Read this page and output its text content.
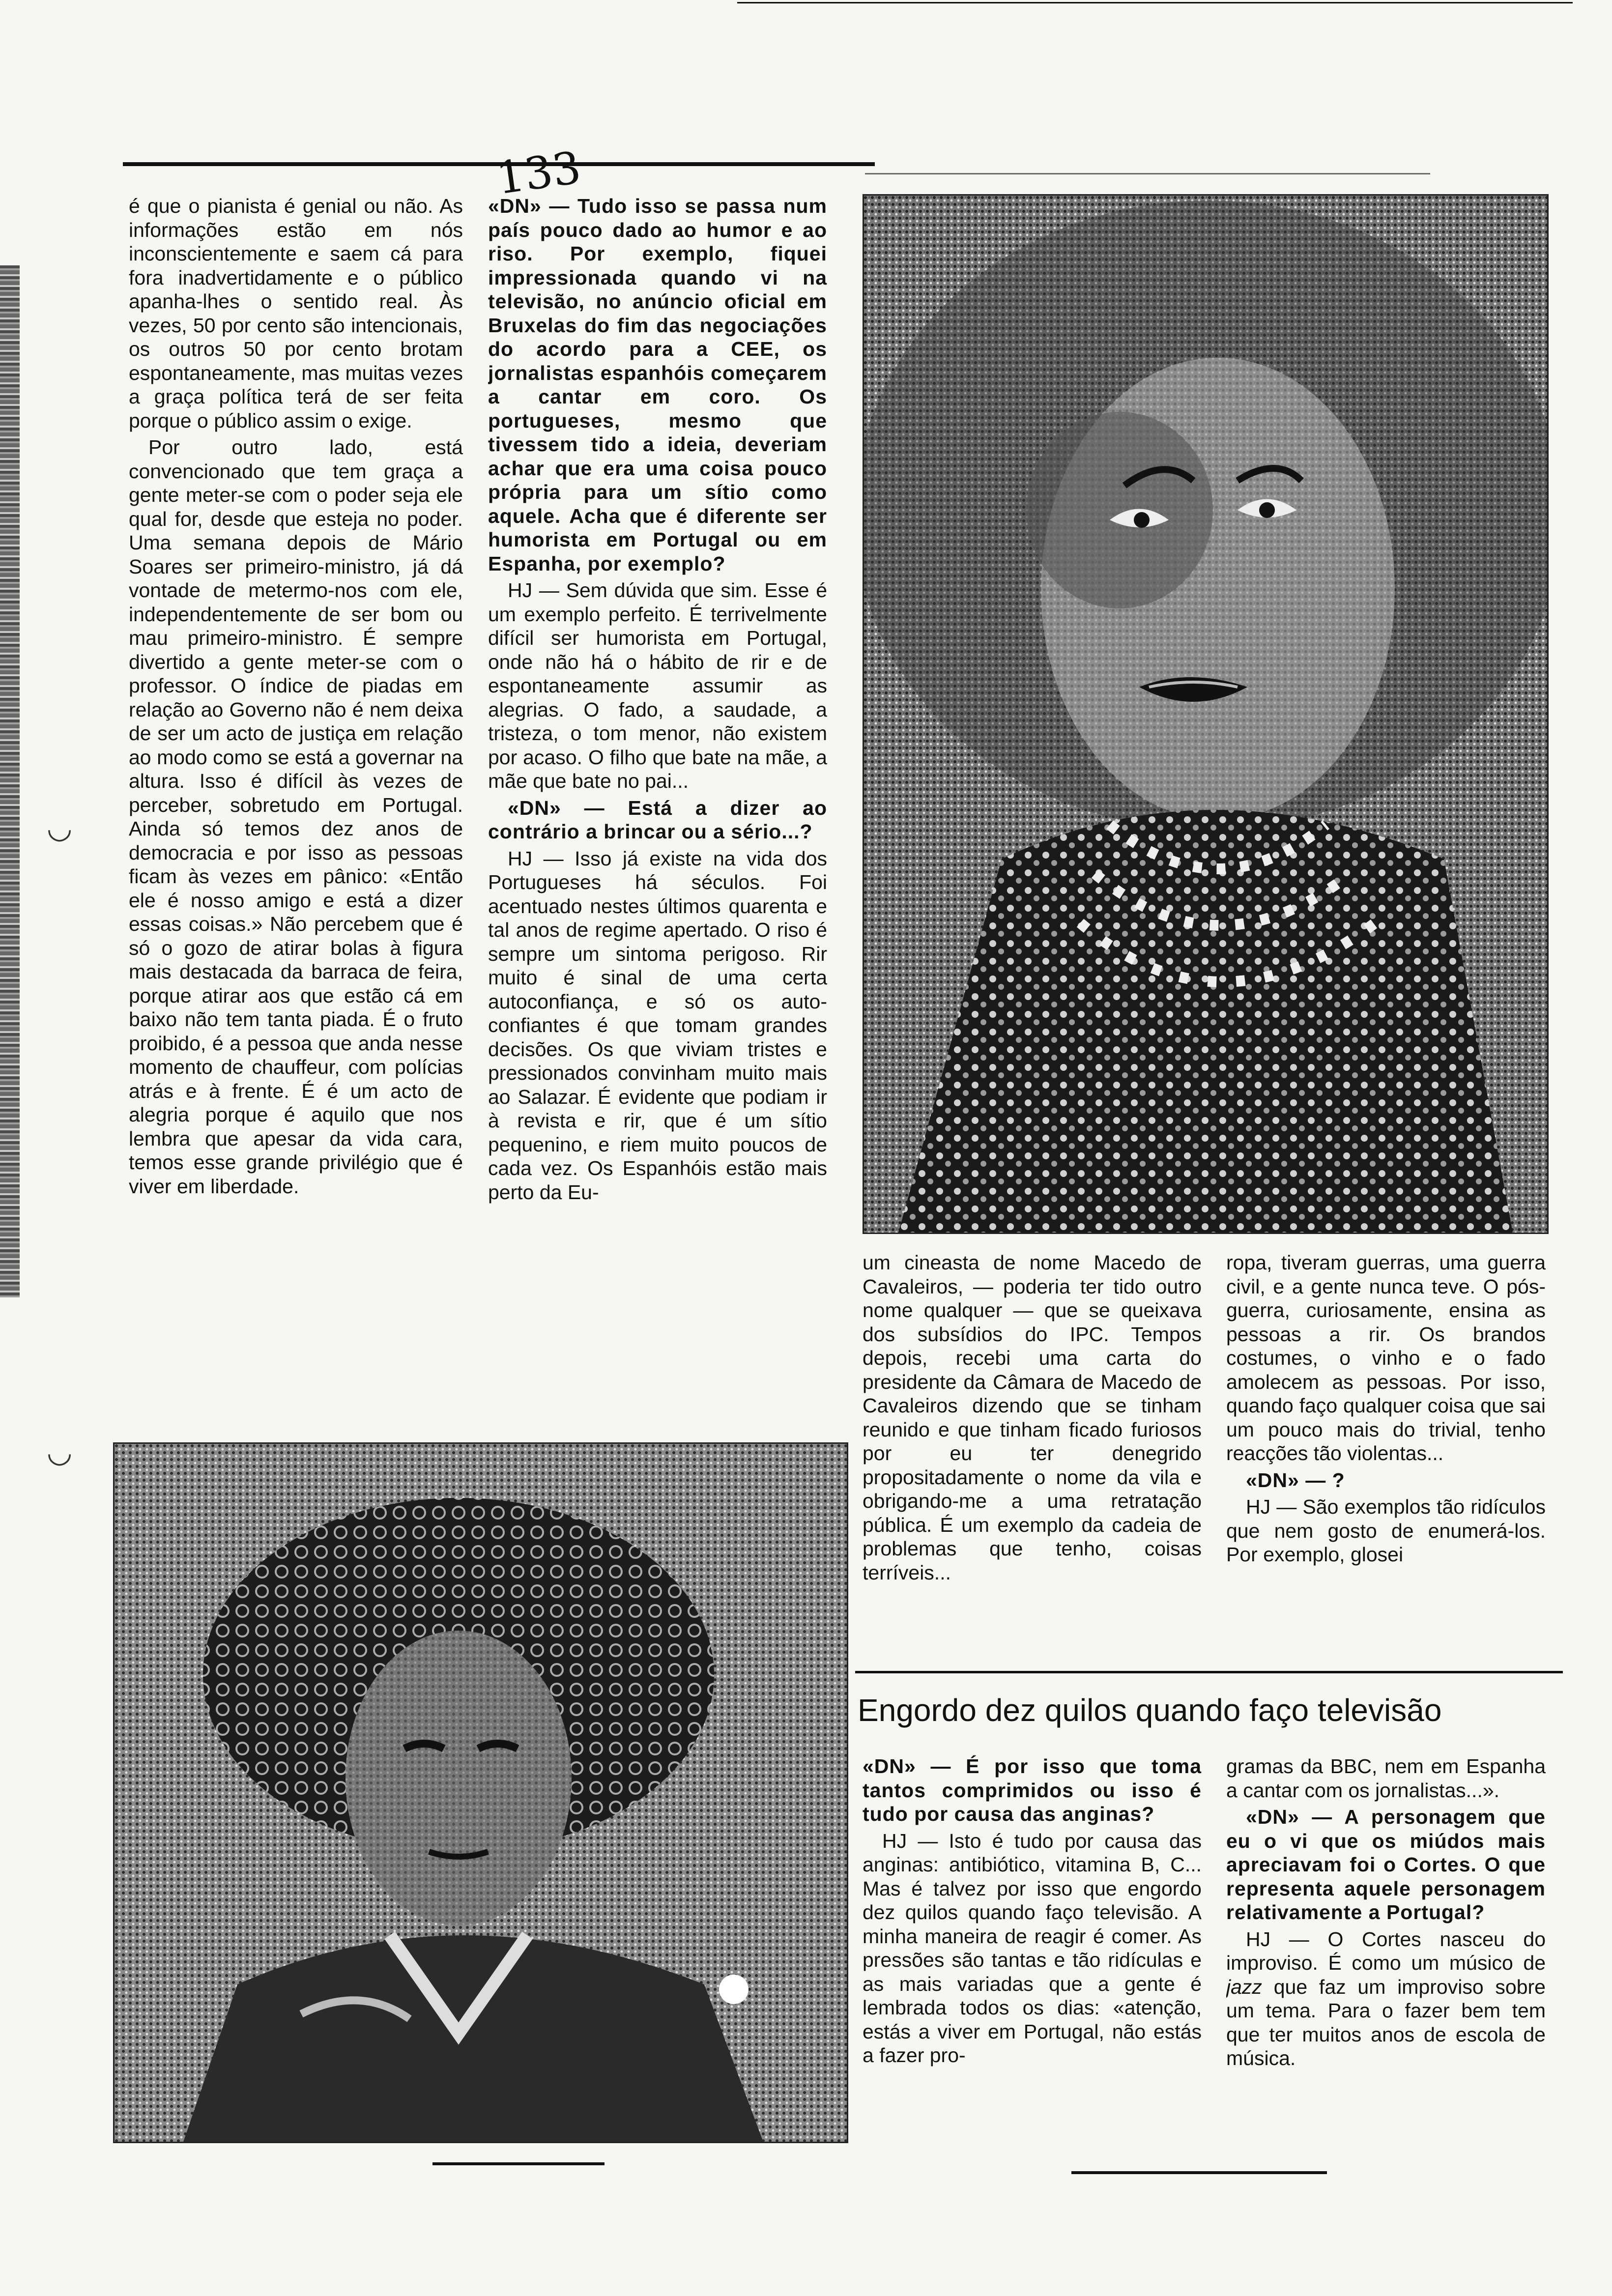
133

é que o pianista é genial ou não. As informações estão em nós inconscientemente e saem cá para fora inadvertidamente e o público apanha-lhes o sentido real. Às vezes, 50 por cento são intencionais, os outros 50 por cento brotam espontaneamente, mas muitas vezes a graça política terá de ser feita porque o público assim o exige.

Por outro lado, está convencionado que tem graça a gente meter-se com o poder seja ele qual for, desde que esteja no poder. Uma semana depois de Mário Soares ser primeiro-ministro, já dá vontade de metermo-nos com ele, independentemente de ser bom ou mau primeiro-ministro. É sempre divertido a gente meter-se com o professor. O índice de piadas em relação ao Governo não é nem deixa de ser um acto de justiça em relação ao modo como se está a governar na altura. Isso é difícil às vezes de perceber, sobretudo em Portugal. Ainda só temos dez anos de democracia e por isso as pessoas ficam às vezes em pânico: «Então ele é nosso amigo e está a dizer essas coisas.» Não percebem que é só o gozo de atirar bolas à figura mais destacada da barraca de feira, porque atirar aos que estão cá em baixo não tem tanta piada. É o fruto proibido, é a pessoa que anda nesse momento de chauffeur, com polícias atrás e à frente. É é um acto de alegria porque é aquilo que nos lembra que apesar da vida cara, temos esse grande privilégio que é viver em liberdade.

«DN» — Tudo isso se passa num país pouco dado ao humor e ao riso. Por exemplo, fiquei impressionada quando vi na televisão, no anúncio oficial em Bruxelas do fim das negociações do acordo para a CEE, os jornalistas espanhóis começarem a cantar em coro. Os portugueses, mesmo que tivessem tido a ideia, deveriam achar que era uma coisa pouco própria para um sítio como aquele. Acha que é diferente ser humorista em Portugal ou em Espanha, por exemplo?

HJ — Sem dúvida que sim. Esse é um exemplo perfeito. É terrivelmente difícil ser humorista em Portugal, onde não há o hábito de rir e de espontaneamente assumir as alegrias. O fado, a saudade, a tristeza, o tom menor, não existem por acaso. O filho que bate na mãe, a mãe que bate no pai...

«DN» — Está a dizer ao contrário a brincar ou a sério...?

HJ — Isso já existe na vida dos Portugueses há séculos. Foi acentuado nestes últimos quarenta e tal anos de regime apertado. O riso é sempre um sintoma perigoso. Rir muito é sinal de uma certa autoconfiança, e só os auto-confiantes é que tomam grandes decisões. Os que viviam tristes e pressionados convinham muito mais ao Salazar. É evidente que podiam ir à revista e rir, que é um sítio pequenino, e riem muito poucos de cada vez. Os Espanhóis estão mais perto da Eu-

um cineasta de nome Macedo de Cavaleiros, — poderia ter tido outro nome qualquer — que se queixava dos subsídios do IPC. Tempos depois, recebi uma carta do presidente da Câmara de Macedo de Cavaleiros dizendo que se tinham reunido e que tinham ficado furiosos por eu ter denegrido propositadamente o nome da vila e obrigando-me a uma retratação pública. É um exemplo da cadeia de problemas que tenho, coisas terríveis...

ropa, tiveram guerras, uma guerra civil, e a gente nunca teve. O pós-guerra, curiosamente, ensina as pessoas a rir. Os brandos costumes, o vinho e o fado amolecem as pessoas. Por isso, quando faço qualquer coisa que sai um pouco mais do trivial, tenho reacções tão violentas...

«DN» — ?

HJ — São exemplos tão ridículos que nem gosto de enumerá-los. Por exemplo, glosei

Engordo dez quilos quando faço televisão

«DN» — É por isso que toma tantos comprimidos ou isso é tudo por causa das anginas?

HJ — Isto é tudo por causa das anginas: antibiótico, vitamina B, C... Mas é talvez por isso que engordo dez quilos quando faço televisão. A minha maneira de reagir é comer. As pressões são tantas e tão ridículas e as mais variadas que a gente é lembrada todos os dias: «atenção, estás a viver em Portugal, não estás a fazer pro-

gramas da BBC, nem em Espanha a cantar com os jornalistas...».

«DN» — A personagem que eu o vi que os miúdos mais apreciavam foi o Cortes. O que representa aquele personagem relativamente a Portugal?

HJ — O Cortes nasceu do improviso. É como um músico de jazz que faz um improviso sobre um tema. Para o fazer bem tem que ter muitos anos de escola de música.

◡
◡
